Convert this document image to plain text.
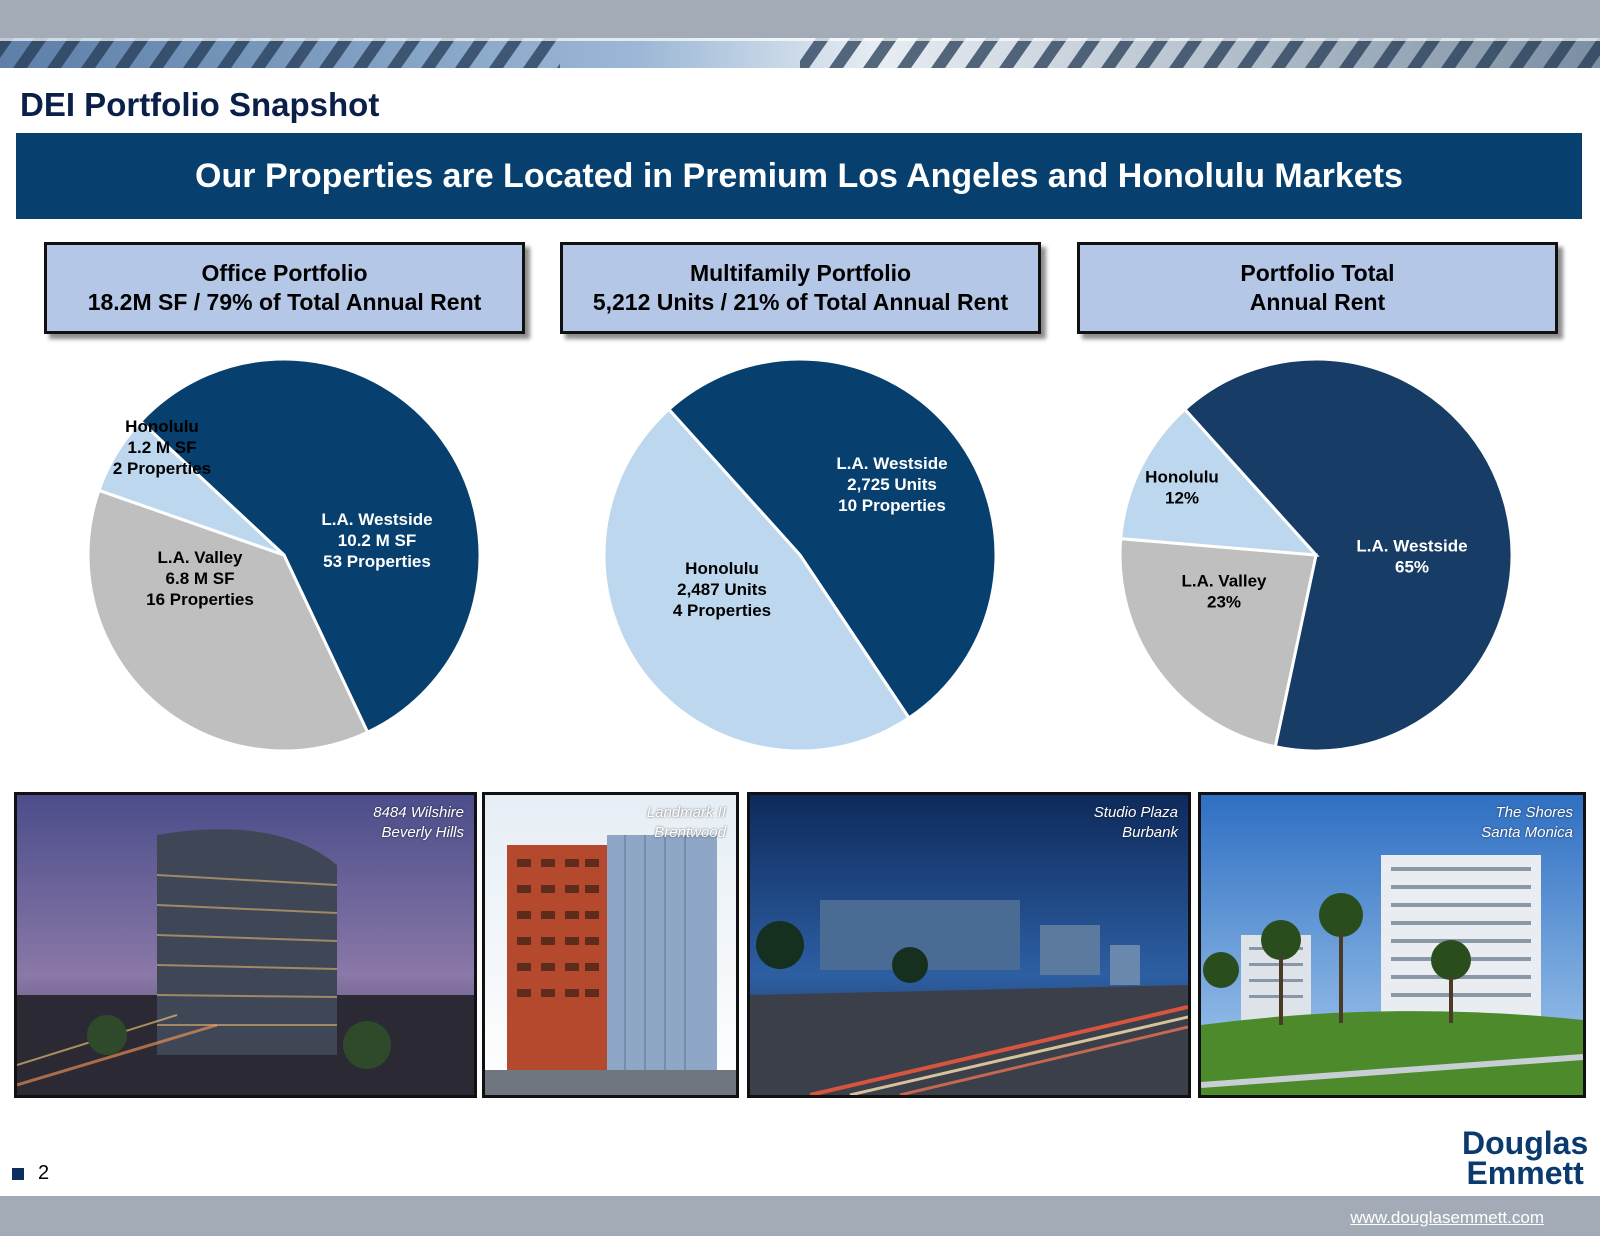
DEI Portfolio Snapshot
Our Properties are Located in Premium Los Angeles and Honolulu Markets
Office Portfolio
18.2M SF / 79% of Total Annual Rent
Multifamily Portfolio
5,212 Units / 21% of Total Annual Rent
Portfolio Total
Annual Rent
L.A. Westside 10.2 M SF 53 Properties
L.A. Valley 6.8 M SF 16 Properties
Honolulu 1.2 M SF 2 Properties	L.A. Westside 2,725 Units 10 Properties
Honolulu 2,487 Units 4 Properties
L.A. Westside 65%
L.A. Valley 23%
Honolulu 12%
8484 Wilshire
Beverly Hills
Landmark II
Brentwood
Studio Plaza
Burbank
The Shores
Santa Monica
2
Douglas
Emmett
www.douglasemmett.com
